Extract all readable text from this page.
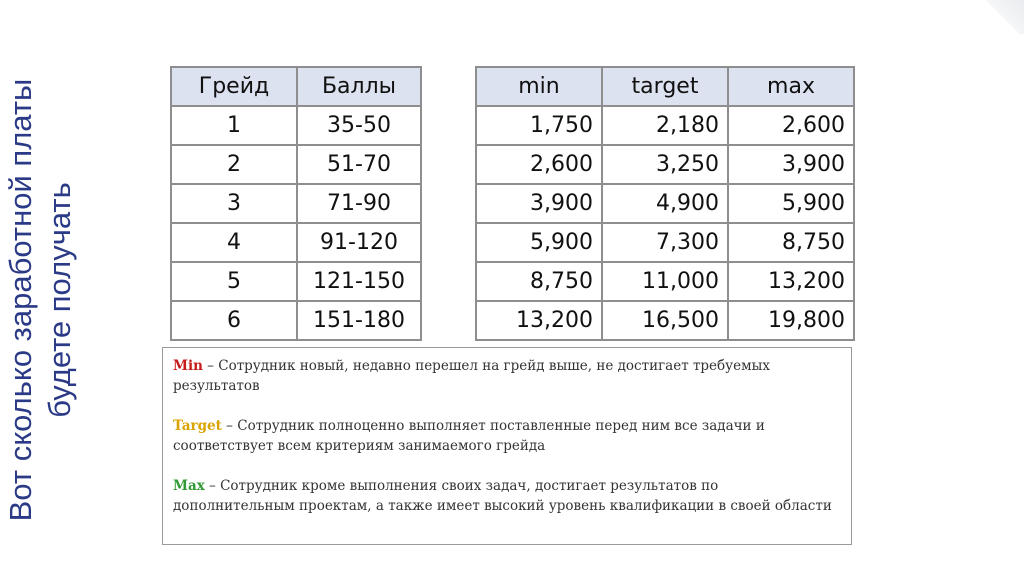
Вот сколько заработной платы будете получать
Грейд	Баллы
1	35-50
2	51-70
3	71-90
4	91-120
5	121-150
6	151-180
min	target	max
1,750	2,180	2,600
2,600	3,250	3,900
3,900	4,900	5,900
5,900	7,300	8,750
8,750	11,000	13,200
13,200	16,500	19,800

Min – Сотрудник новый, недавно перешел на грейд выше, не достигает требуемых результатов

Target – Сотрудник полноценно выполняет поставленные перед ним все задачи и соответствует всем критериям занимаемого грейда

Max – Сотрудник кроме выполнения своих задач, достигает результатов по дополнительным проектам, а также имеет высокий уровень квалификации в своей области
